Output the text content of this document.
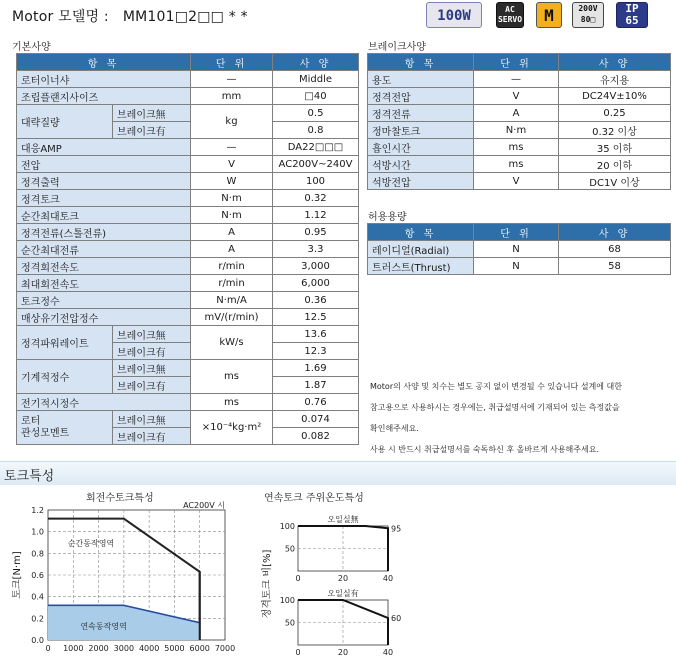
Motor 모델명 : MM101□2□□ * *	100W	AC
SERVO	M	200V
80□
IP
65
기본사양
항 목		단 위	사 양
로터이너샤		—	Middle
조립플랜지사이즈		mm	□40
대략질량	브레이크無	kg	0.5
	브레이크有		0.8
대응AMP		—	DA22□□□
전압		V	AC200V~240V
정격출력		W	100
정격토크		N·m	0.32
순간최대토크		N·m	1.12
정격전류(스톨전류)		A	0.95
순간최대전류		A	3.3
정격회전속도		r/min	3,000
최대회전속도		r/min	6,000
토크정수		N·m/A	0.36
매상유기전압정수		mV/(r/min)	12.5
정격파워레이트	브레이크無	kW/s	13.6
	브레이크有		12.3
기계적정수	브레이크無	ms	1.69
	브레이크有		1.87
전기적시정수		ms	0.76

로터
관성모멘트	브레이크無	×10⁻⁴kg·m²	0.074
	브레이크有		0.082
브레이크사양
항 목	단 위	사 양
용도	—	유지용
정격전압	V	DC24V±10%
정격전류	A	0.25
정마찰토크	N·m	0.32 이상
흡인시간	ms	35 이하
석방시간	ms	20 이하
석방전압	V	DC1V 이상
허용용량
항 목	단 위	사 양
레이디얼(Radial)	N	68
트러스트(Thrust)	N	58
Motor의 사양 및 치수는 별도 공지 없이 변경될 수 있습니다 설계에 대한
참고용으로 사용하시는 경우에는, 취급설명서에 기재되어 있는 측정값을
확인해주세요.
사용 시 반드시 취급설명서를 숙독하신 후 올바르게 사용해주세요.
토크특성
회전수토크특성	연속토크 주위온도특성
0 1000 2000 3000 4000 5000 6000 7000
0.0
0.2
0.4
0.6
0.8
1.0
1.2
토크[N·m]
AC200V 시
순간동작영역
연속동작영역
정격토크 비[%]
오일실無
95
50
100
0	20	40
오일실有
60
50
100
0	20	40
